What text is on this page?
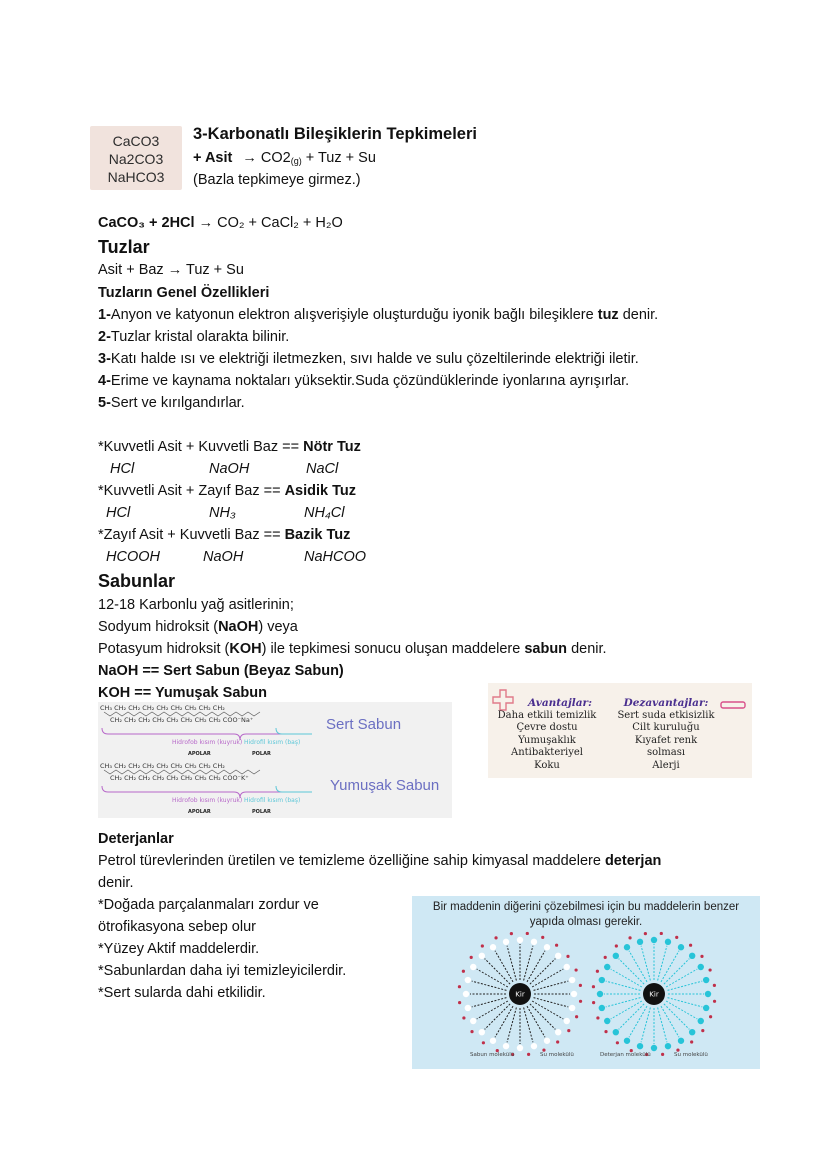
CaCO3
Na2CO3
NaHCO3
3-Karbonatlı Bileşiklerin Tepkimeleri
+ Asit → $CO2_{(g)}$ + Tuz + Su
(Bazla tepkimeye girmez.)
CaCO₃ + 2HCl → CO₂ + CaCl₂ + H₂O
Tuzlar
Asit + Baz → Tuz + Su
Tuzların Genel Özellikleri
1-Anyon ve katyonun elektron alışverişiyle oluşturduğu iyonik bağlı bileşiklere tuz denir.
2-Tuzlar kristal olarakta bilinir.
3-Katı halde ısı ve elektriği iletmezken, sıvı halde ve sulu çözeltilerinde elektriği iletir.
4-Erime ve kaynama noktaları yüksektir.Suda çözündüklerinde iyonlarına ayrışırlar.
5-Sert ve kırılgandırlar.
*Kuvvetli Asit + Kuvvetli Baz == Nötr Tuz
HCl	NaOH	NaCl
*Kuvvetli Asit + Zayıf Baz == Asidik Tuz
HCl	NH₃	NH₄Cl
*Zayıf Asit + Kuvvetli Baz == Bazik Tuz
HCOOH	NaOH	NaHCOO
Sabunlar
12-18 Karbonlu yağ asitlerinin;
Sodyum hidroksit (NaOH) veya
Potasyum hidroksit (KOH) ile tepkimesi sonucu oluşan maddelere sabun denir.
NaOH == Sert Sabun (Beyaz Sabun)
KOH == Yumuşak Sabun
CH₃ CH₂ CH₂ CH₂ CH₂ CH₂ CH₂ CH₂ CH₂
CH₂ CH₂ CH₂ CH₂ CH₂ CH₂ CH₂ CH₂ COO⁻Na⁺
CH₃ CH₂ CH₂ CH₂ CH₂ CH₂ CH₂ CH₂ CH₂
CH₂ CH₂ CH₂ CH₂ CH₂ CH₂ CH₂ CH₂ COO⁻K⁺
Hidrofob kısım (kuyruk) Hidrofil kısım (baş)
APOLAR	POLAR
Hidrofob kısım (kuyruk) Hidrofil kısım (baş)
APOLAR	POLAR
Sert Sabun
Yumuşak Sabun
Avantajlar:
Daha etkili temizlik
Çevre dostu
Yumuşaklık
Antibakteriyel
Koku
Dezavantajlar:
Sert suda etkisizlik
Cilt kuruluğu
Kıyafet renk solması
Alerji
Deterjanlar
Petrol türevlerinden üretilen ve temizleme özelliğine sahip kimyasal maddelere deterjan
denir.
*Doğada parçalanmaları zordur ve
ötrofikasyona sebep olur
*Yüzey Aktif maddelerdir.
*Sabunlardan daha iyi temizleyicilerdir.
*Sert sularda dahi etkilidir.
Bir maddenin diğerini çözebilmesi için bu maddelerin benzer
yapıda olması gerekir.
Kir	Kir
Sabun molekülü	Su molekülü	Deterjan molekülü	Su molekülü
